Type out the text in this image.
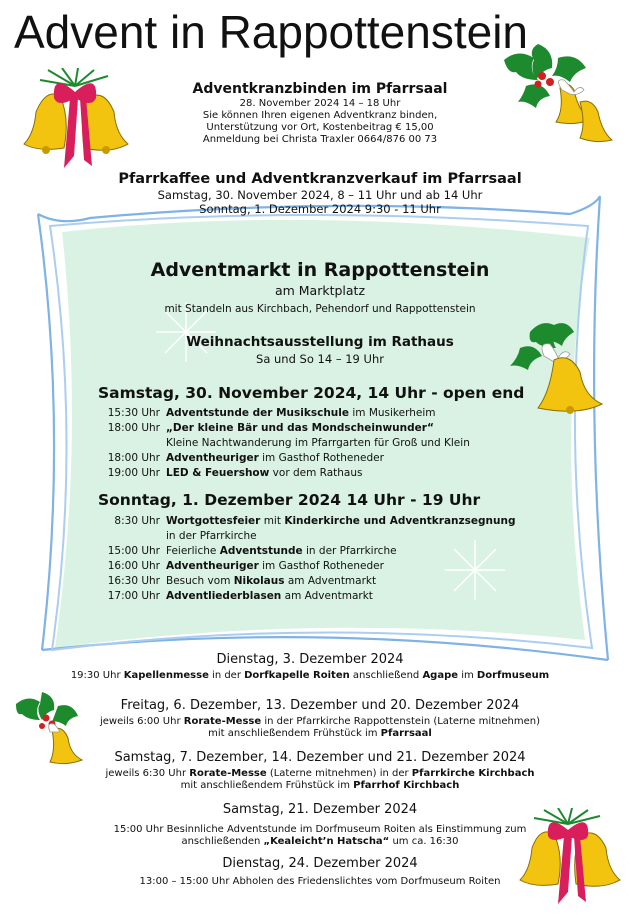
Advent in Rappottenstein
Adventkranzbinden im Pfarrsaal
28. November 2024 14 – 18 Uhr
Sie können Ihren eigenen Adventkranz binden,
Unterstützung vor Ort, Kostenbeitrag € 15,00
Anmeldung bei Christa Traxler 0664/876 00 73
Pfarrkaffee und Adventkranzverkauf im Pfarrsaal
Samstag, 30. November 2024, 8 – 11 Uhr und ab 14 Uhr
Sonntag, 1. Dezember 2024 9:30 - 11 Uhr
Adventmarkt in Rappottenstein
am Marktplatz
mit Standeln aus Kirchbach, Pehendorf und Rappottenstein
Weihnachtsausstellung im Rathaus
Sa und So 14 – 19 Uhr
Samstag, 30. November 2024, 14 Uhr - open end
15:30 Uhr Adventstunde der Musikschule im Musikerheim
18:00 Uhr „Der kleine Bär und das Mondscheinwunder“
Kleine Nachtwanderung im Pfarrgarten für Groß und Klein
18:00 Uhr Adventheuriger im Gasthof Rotheneder
19:00 Uhr LED & Feuershow vor dem Rathaus
Sonntag, 1. Dezember 2024 14 Uhr - 19 Uhr
8:30 Uhr Wortgottesfeier mit Kinderkirche und Adventkranzsegnung
in der Pfarrkirche
15:00 Uhr Feierliche Adventstunde in der Pfarrkirche
16:00 Uhr Adventheuriger im Gasthof Rotheneder
16:30 Uhr Besuch vom Nikolaus am Adventmarkt
17:00 Uhr Adventliederblasen am Adventmarkt
Dienstag, 3. Dezember 2024
19:30 Uhr Kapellenmesse in der Dorfkapelle Roiten anschließend Agape im Dorfmuseum
Freitag, 6. Dezember, 13. Dezember und 20. Dezember 2024
jeweils 6:00 Uhr Rorate-Messe in der Pfarrkirche Rappottenstein (Laterne mitnehmen)
mit anschließendem Frühstück im Pfarrsaal
Samstag, 7. Dezember, 14. Dezember und 21. Dezember 2024
jeweils 6:30 Uhr Rorate-Messe (Laterne mitnehmen) in der Pfarrkirche Kirchbach
mit anschließendem Frühstück im Pfarrhof Kirchbach
Samstag, 21. Dezember 2024
15:00 Uhr Besinnliche Adventstunde im Dorfmuseum Roiten als Einstimmung zum
anschließenden „Kealeicht’n Hatscha“ um ca. 16:30
Dienstag, 24. Dezember 2024
13:00 – 15:00 Uhr Abholen des Friedenslichtes vom Dorfmuseum Roiten
